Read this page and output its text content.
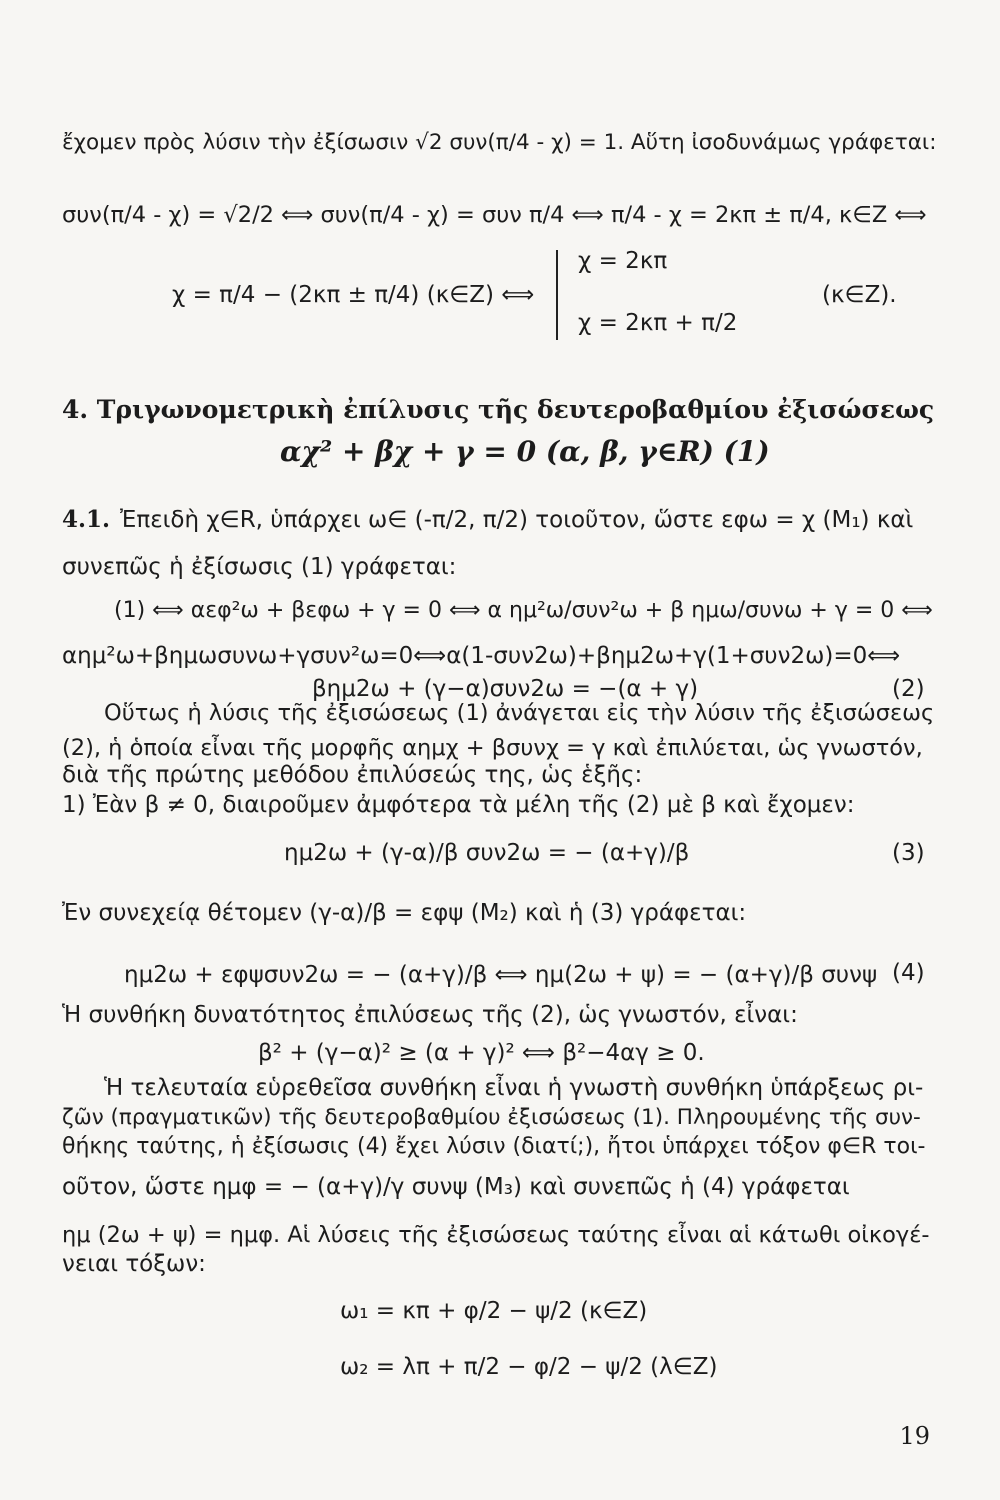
ἔχομεν πρὸς λύσιν τὴν ἐξίσωσιν √2 συν(π/4 - χ) = 1. Αὕτη ἰσοδυνάμως γράφεται:
συν(π/4 - χ) = √2/2 ⟺ συν(π/4 - χ) = συν π/4 ⟺ π/4 - χ = 2κπ ± π/4, κ∈Z ⟺
χ = π/4 − (2κπ ± π/4) (κ∈Z) ⟺
χ = 2κπ
χ = 2κπ + π/2
(κ∈Z).
4. Τριγωνομετρικὴ ἐπίλυσις τῆς δευτεροβαθμίου ἐξισώσεως
αχ² + βχ + γ = 0 (α, β, γ∈R) (1)
4.1. Ἐπειδὴ χ∈R, ὑπάρχει ω∈ (-π/2, π/2) τοιοῦτον, ὥστε εφω = χ (M₁) καὶ
συνεπῶς ἡ ἐξίσωσις (1) γράφεται:
(1) ⟺ αεφ²ω + βεφω + γ = 0 ⟺ α ημ²ω/συν²ω + β ημω/συνω + γ = 0 ⟺
αημ²ω+βημωσυνω+γσυν²ω=0⟺α(1-συν2ω)+βημ2ω+γ(1+συν2ω)=0⟺
βημ2ω + (γ−α)συν2ω = −(α + γ)	(2)
Οὕτως ἡ λύσις τῆς ἐξισώσεως (1) ἀνάγεται εἰς τὴν λύσιν τῆς ἐξισώσεως
(2), ἡ ὁποία εἶναι τῆς μορφῆς αημχ + βσυνχ = γ καὶ ἐπιλύεται, ὡς γνωστόν,
διὰ τῆς πρώτης μεθόδου ἐπιλύσεώς της, ὡς ἑξῆς:
1) Ἐὰν β ≠ 0, διαιροῦμεν ἀμφότερα τὰ μέλη τῆς (2) μὲ β καὶ ἔχομεν:
ημ2ω + (γ-α)/β συν2ω = − (α+γ)/β	(3)
Ἐν συνεχείᾳ θέτομεν (γ-α)/β = εφψ (M₂) καὶ ἡ (3) γράφεται:
ημ2ω + εφψσυν2ω = − (α+γ)/β ⟺ ημ(2ω + ψ) = − (α+γ)/β συνψ (4)
Ἡ συνθήκη δυνατότητος ἐπιλύσεως τῆς (2), ὡς γνωστόν, εἶναι:
β² + (γ−α)² ≥ (α + γ)² ⟺ β²−4αγ ≥ 0.
Ἡ τελευταία εὑρεθεῖσα συνθήκη εἶναι ἡ γνωστὴ συνθήκη ὑπάρξεως ρι-
ζῶν (πραγματικῶν) τῆς δευτεροβαθμίου ἐξισώσεως (1). Πληρουμένης τῆς συν-
θήκης ταύτης, ἡ ἐξίσωσις (4) ἔχει λύσιν (διατί;), ἤτοι ὑπάρχει τόξον φ∈R τοι-
οῦτον, ὥστε ημφ = − (α+γ)/γ συνψ (M₃) καὶ συνεπῶς ἡ (4) γράφεται
ημ (2ω + ψ) = ημφ. Αἱ λύσεις τῆς ἐξισώσεως ταύτης εἶναι αἱ κάτωθι οἰκογέ-
νειαι τόξων:
ω₁ = κπ + φ/2 − ψ/2 (κ∈Z)
ω₂ = λπ + π/2 − φ/2 − ψ/2 (λ∈Z)
19
